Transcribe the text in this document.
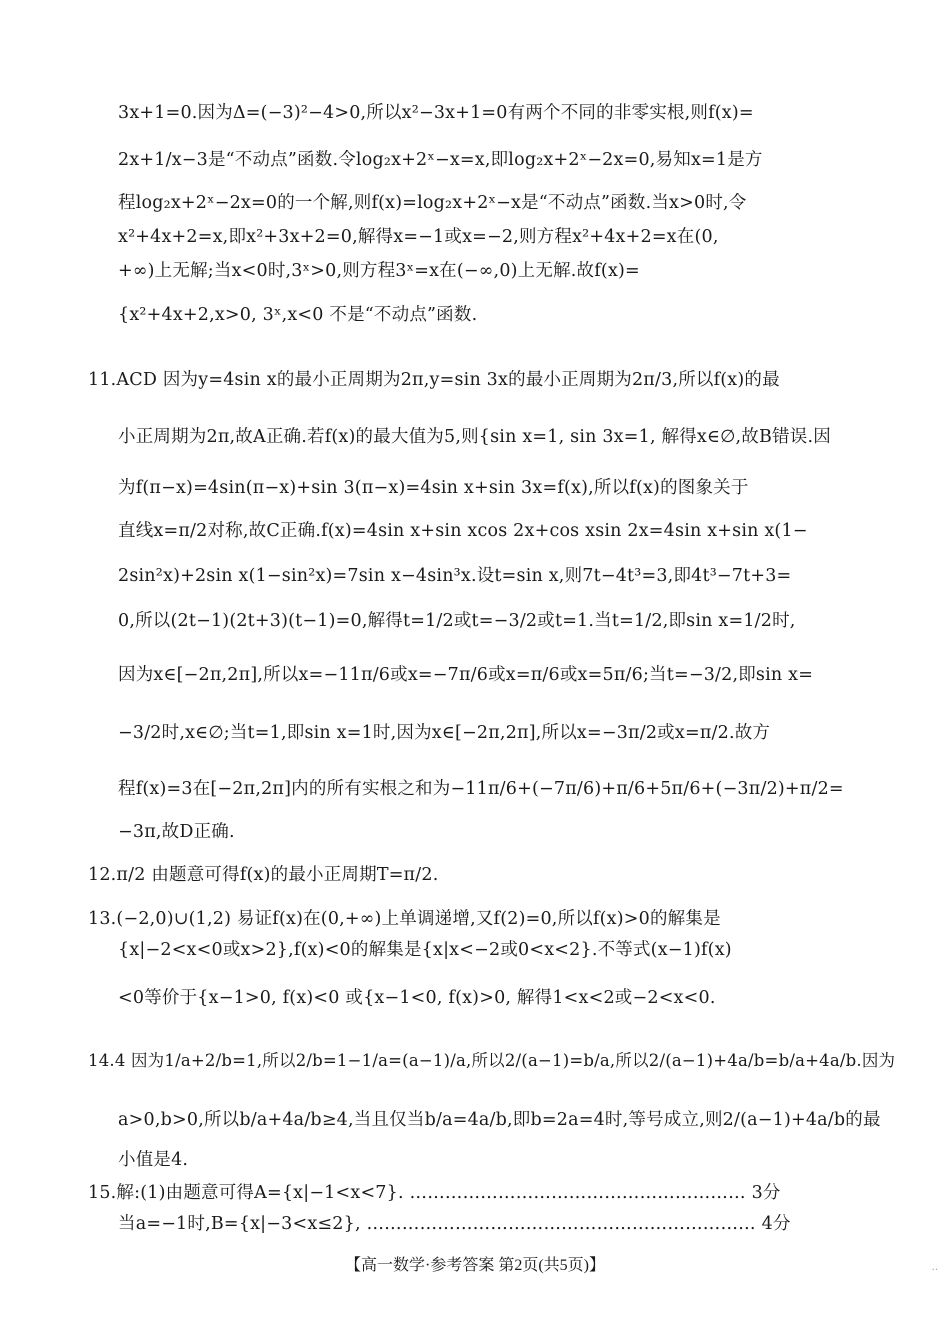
3x+1=0.因为Δ=(−3)²−4>0,所以x²−3x+1=0有两个不同的非零实根,则f(x)=
2x+1/x−3是“不动点”函数.令log₂x+2ˣ−x=x,即log₂x+2ˣ−2x=0,易知x=1是方
程log₂x+2ˣ−2x=0的一个解,则f(x)=log₂x+2ˣ−x是“不动点”函数.当x>0时,令
x²+4x+2=x,即x²+3x+2=0,解得x=−1或x=−2,则方程x²+4x+2=x在(0,
+∞)上无解;当x<0时,3ˣ>0,则方程3ˣ=x在(−∞,0)上无解.故f(x)=
{x²+4x+2,x>0, 3ˣ,x<0 不是“不动点”函数.
11.ACD 因为y=4sin x的最小正周期为2π,y=sin 3x的最小正周期为2π/3,所以f(x)的最
小正周期为2π,故A正确.若f(x)的最大值为5,则{sin x=1, sin 3x=1, 解得x∈∅,故B错误.因
为f(π−x)=4sin(π−x)+sin 3(π−x)=4sin x+sin 3x=f(x),所以f(x)的图象关于
直线x=π/2对称,故C正确.f(x)=4sin x+sin xcos 2x+cos xsin 2x=4sin x+sin x(1−
2sin²x)+2sin x(1−sin²x)=7sin x−4sin³x.设t=sin x,则7t−4t³=3,即4t³−7t+3=
0,所以(2t−1)(2t+3)(t−1)=0,解得t=1/2或t=−3/2或t=1.当t=1/2,即sin x=1/2时,
因为x∈[−2π,2π],所以x=−11π/6或x=−7π/6或x=π/6或x=5π/6;当t=−3/2,即sin x=
−3/2时,x∈∅;当t=1,即sin x=1时,因为x∈[−2π,2π],所以x=−3π/2或x=π/2.故方
程f(x)=3在[−2π,2π]内的所有实根之和为−11π/6+(−7π/6)+π/6+5π/6+(−3π/2)+π/2=
−3π,故D正确.
12.π/2 由题意可得f(x)的最小正周期T=π/2.
13.(−2,0)∪(1,2) 易证f(x)在(0,+∞)上单调递增,又f(2)=0,所以f(x)>0的解集是
{x|−2<x<0或x>2},f(x)<0的解集是{x|x<−2或0<x<2}.不等式(x−1)f(x)
<0等价于{x−1>0, f(x)<0 或{x−1<0, f(x)>0, 解得1<x<2或−2<x<0.
14.4 因为1/a+2/b=1,所以2/b=1−1/a=(a−1)/a,所以2/(a−1)=b/a,所以2/(a−1)+4a/b=b/a+4a/b.因为
a>0,b>0,所以b/a+4a/b≥4,当且仅当b/a=4a/b,即b=2a=4时,等号成立,则2/(a−1)+4a/b的最
小值是4.
15.解:(1)由题意可得A={x|−1<x<7}. ………………………………………………… 3分
当a=−1时,B={x|−3<x≤2}, ………………………………………………………… 4分
【高一数学·参考答案 第2页(共5页)】	..
